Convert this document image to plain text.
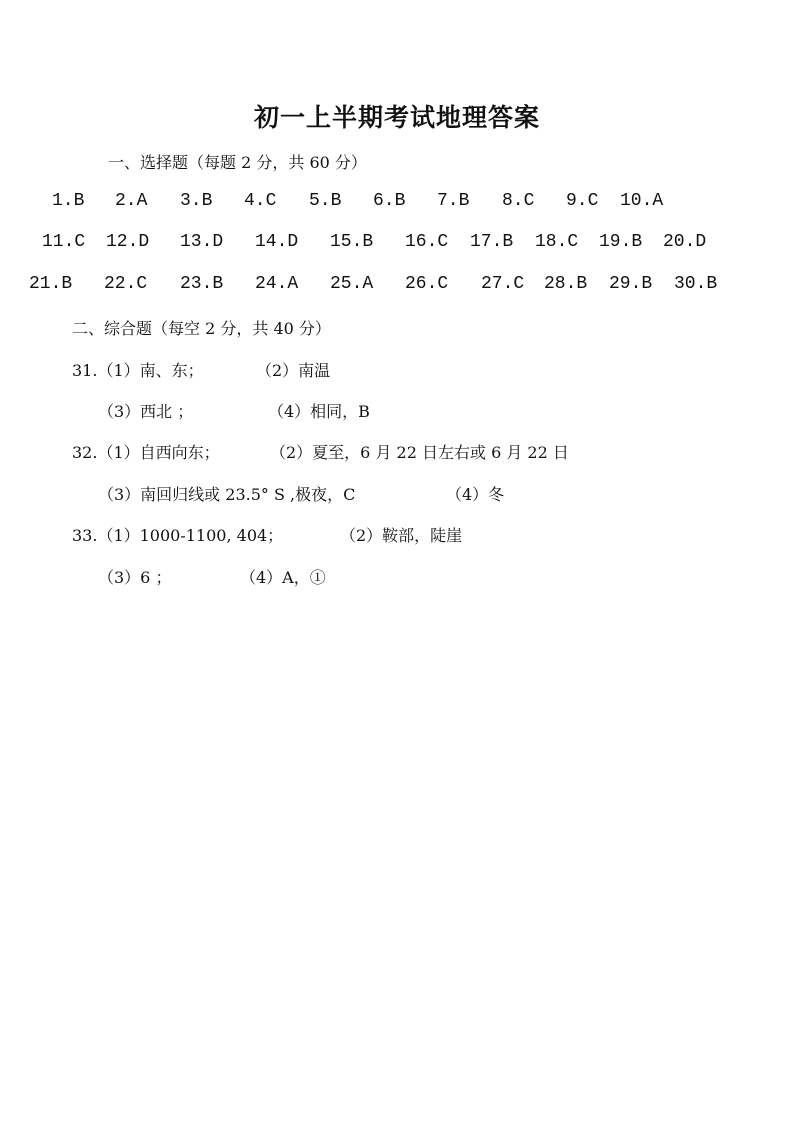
初一上半期考试地理答案
一、选择题（每题 2 分，共 60 分）
1.B 2.A 3.B 4.C 5.B 6.B 7.B 8.C 9.C 10.A
11.C 12.D 13.D 14.D 15.B 16.C 17.B 18.C 19.B 20.D
21.B 22.C 23.B 24.A 25.A 26.C 27.C 28.B 29.B 30.B
二、综合题（每空 2 分，共 40 分）
31.（1）南、东；	（2）南温
（3）西北 ；	（4）相同，B
32.（1）自西向东；	（2）夏至，6 月 22 日左右或 6 月 22 日
（3）南回归线或 23.5° S ,极夜，C	（4）冬
33.（1）1000-1100, 404；	（2）鞍部，陡崖
（3）6 ；	（4）A，①
